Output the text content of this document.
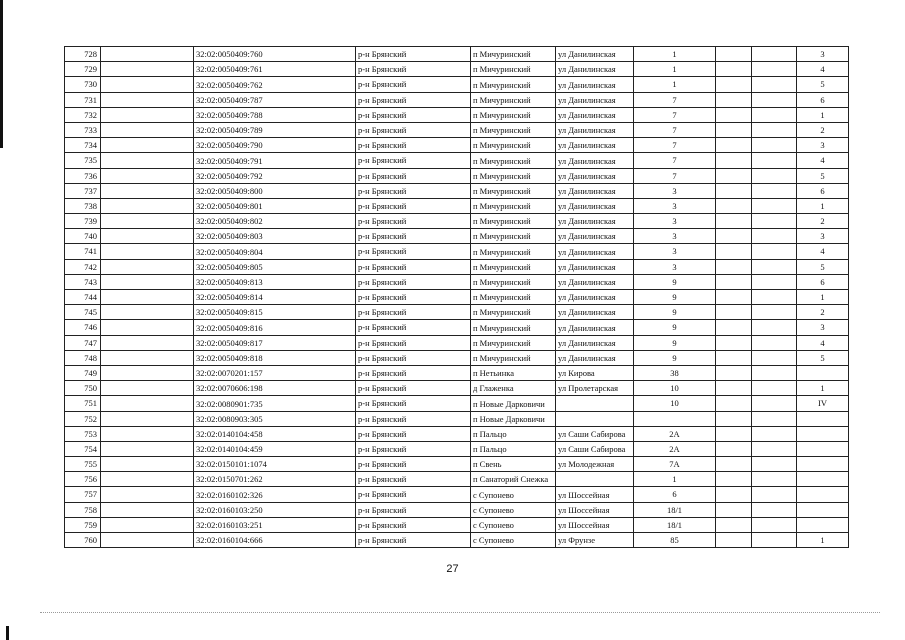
728		32:02:0050409:760	р-н Брянский	п Мичуринский	ул Данилинская	1			3
729		32:02:0050409:761	р-н Брянский	п Мичуринский	ул Данилинская	1			4
730		32:02:0050409:762	р-н Брянский	п Мичуринский	ул Данилинская	1			5
731		32:02:0050409:787	р-н Брянский	п Мичуринский	ул Данилинская	7			6
732		32:02:0050409:788	р-н Брянский	п Мичуринский	ул Данилинская	7			1
733		32:02:0050409:789	р-н Брянский	п Мичуринский	ул Данилинская	7			2
734		32:02:0050409:790	р-н Брянский	п Мичуринский	ул Данилинская	7			3
735		32:02:0050409:791	р-н Брянский	п Мичуринский	ул Данилинская	7			4
736		32:02:0050409:792	р-н Брянский	п Мичуринский	ул Данилинская	7			5
737		32:02:0050409:800	р-н Брянский	п Мичуринский	ул Данилинская	3			6
738		32:02:0050409:801	р-н Брянский	п Мичуринский	ул Данилинская	3			1
739		32:02:0050409:802	р-н Брянский	п Мичуринский	ул Данилинская	3			2
740		32:02:0050409:803	р-н Брянский	п Мичуринский	ул Данилинская	3			3
741		32:02:0050409:804	р-н Брянский	п Мичуринский	ул Данилинская	3			4
742		32:02:0050409:805	р-н Брянский	п Мичуринский	ул Данилинская	3			5
743		32:02:0050409:813	р-н Брянский	п Мичуринский	ул Данилинская	9			6
744		32:02:0050409:814	р-н Брянский	п Мичуринский	ул Данилинская	9			1
745		32:02:0050409:815	р-н Брянский	п Мичуринский	ул Данилинская	9			2
746		32:02:0050409:816	р-н Брянский	п Мичуринский	ул Данилинская	9			3
747		32:02:0050409:817	р-н Брянский	п Мичуринский	ул Данилинская	9			4
748		32:02:0050409:818	р-н Брянский	п Мичуринский	ул Данилинская	9			5
749		32:02:0070201:157	р-н Брянский	п Нетьинка	ул Кирова	38			
750		32:02:0070606:198	р-н Брянский	д Глаженка	ул Пролетарская	10			1
751		32:02:0080901:735	р-н Брянский	п Новые Дарковичи		10			IV
752		32:02:0080903:305	р-н Брянский	п Новые Дарковичи					
753		32:02:0140104:458	р-н Брянский	п Пальцо	ул Саши Сабирова	2А			
754		32:02:0140104:459	р-н Брянский	п Пальцо	ул Саши Сабирова	2А			
755		32:02:0150101:1074	р-н Брянский	п Свень	ул Молодежная	7А			
756		32:02:0150701:262	р-н Брянский	п Санаторий Снежка		1			
757		32:02:0160102:326	р-н Брянский	с Супонево	ул Шоссейная	6			
758		32:02:0160103:250	р-н Брянский	с Супонево	ул Шоссейная	18/1			
759		32:02:0160103:251	р-н Брянский	с Супонево	ул Шоссейная	18/1			
760		32:02:0160104:666	р-н Брянский	с Супонево	ул Фрунзе	85			1
27
